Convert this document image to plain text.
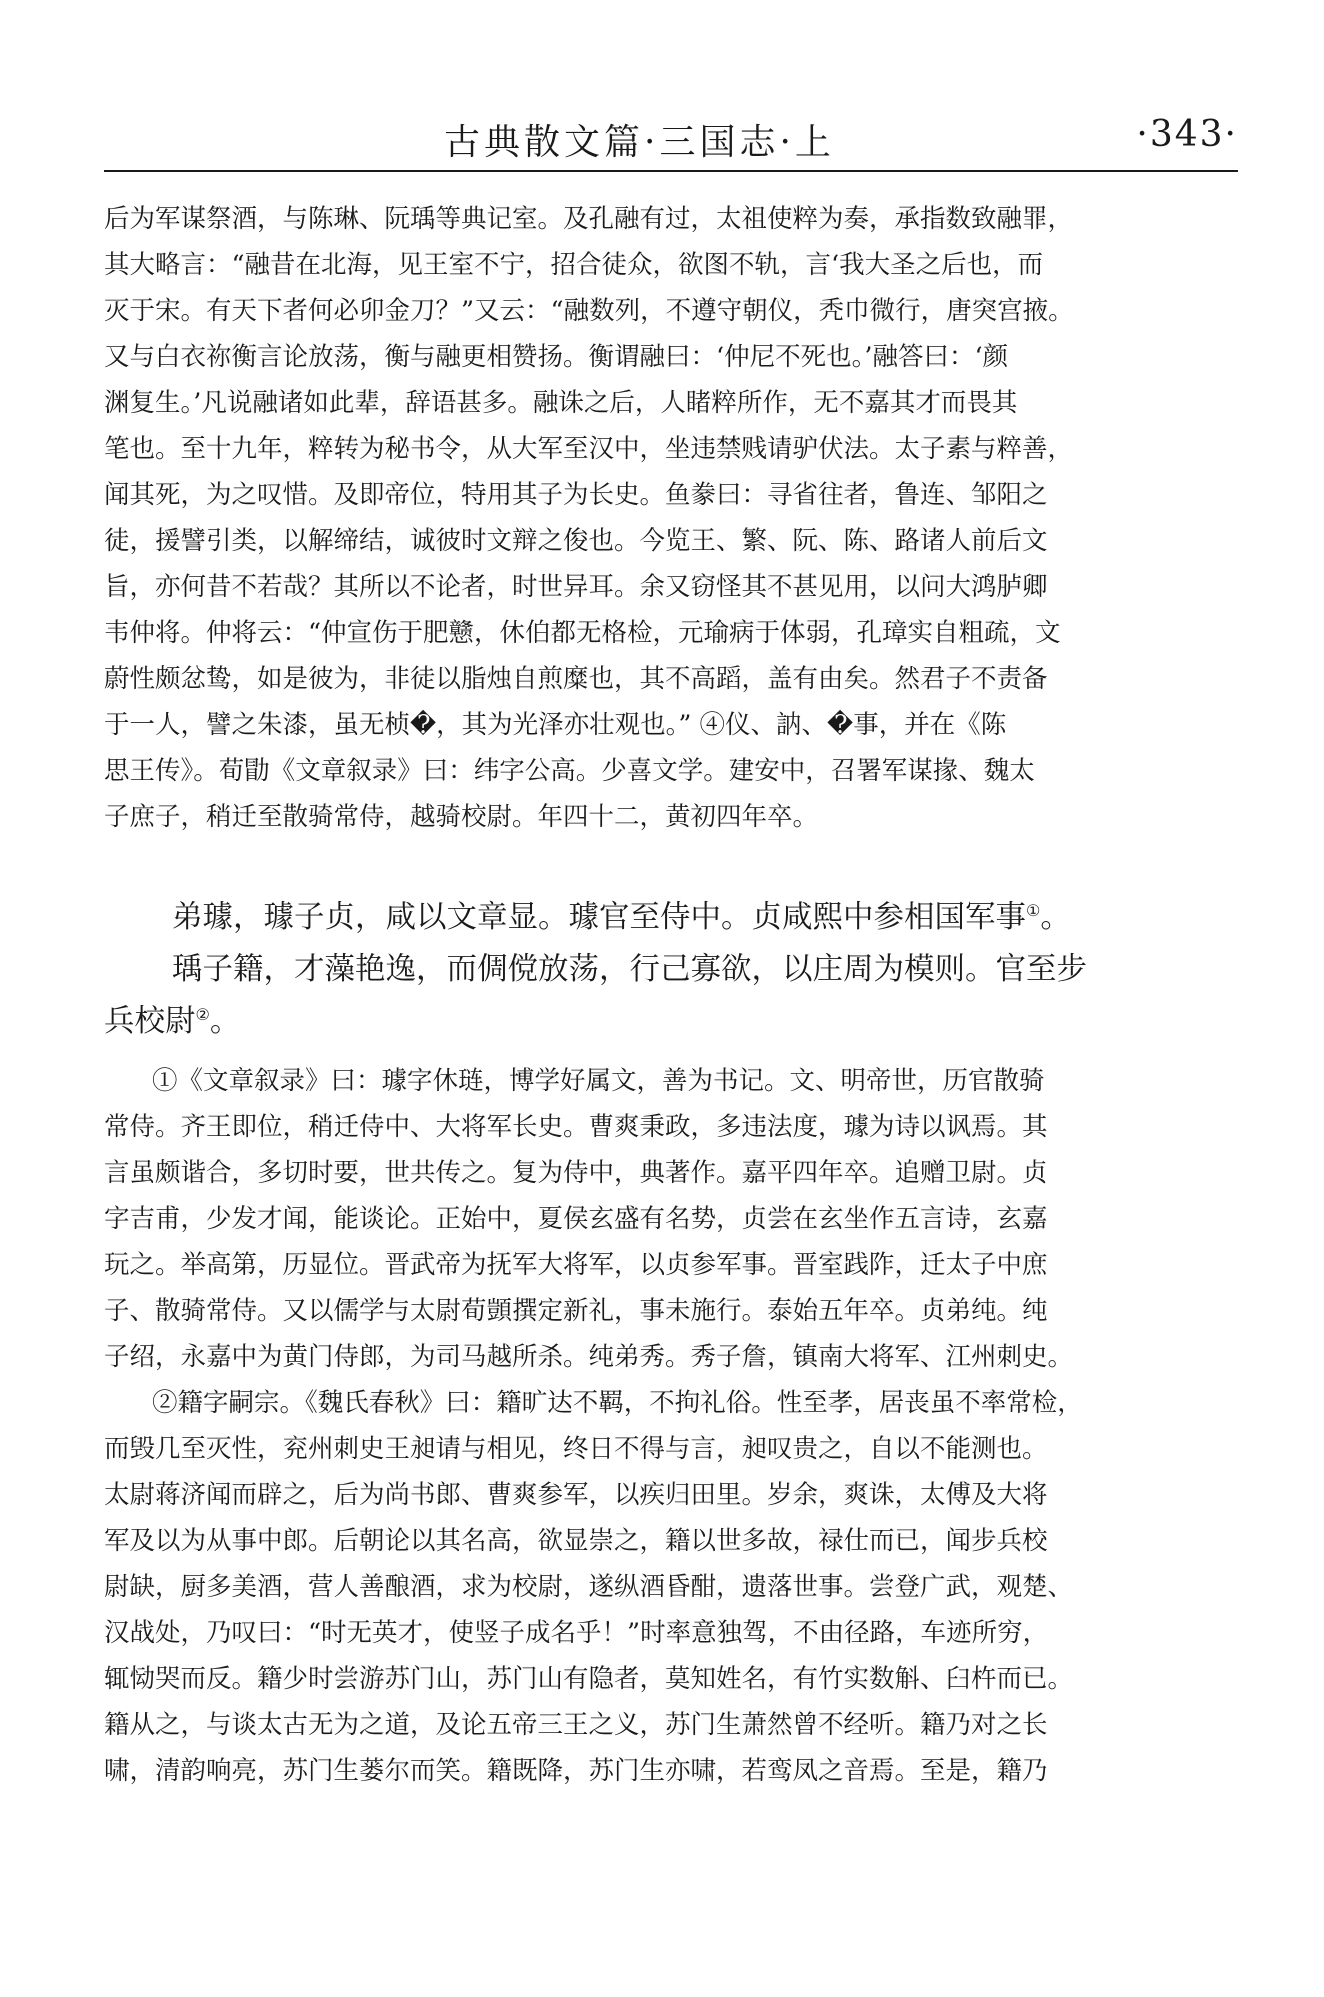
古典散文篇·三国志·上	·343·
后为军谋祭酒，与陈琳、阮瑀等典记室。及孔融有过，太祖使粹为奏，承指数致融罪，
其大略言：“融昔在北海，见王室不宁，招合徒众，欲图不轨，言‘我大圣之后也，而
灭于宋。有天下者何必卯金刀？”又云：“融数列，不遵守朝仪，秃巾微行，唐突宫掖。
又与白衣祢衡言论放荡，衡与融更相赞扬。衡谓融曰：‘仲尼不死也。’融答曰：‘颜
渊复生。’凡说融诸如此辈，辞语甚多。融诛之后，人睹粹所作，无不嘉其才而畏其
笔也。至十九年，粹转为秘书令，从大军至汉中，坐违禁贱请驴伏法。太子素与粹善，
闻其死，为之叹惜。及即帝位，特用其子为长史。鱼豢曰：寻省往者，鲁连、邹阳之
徒，援譬引类，以解缔结，诚彼时文辩之俊也。今览王、繁、阮、陈、路诸人前后文
旨，亦何昔不若哉？其所以不论者，时世异耳。余又窃怪其不甚见用，以问大鸿胪卿
韦仲将。仲将云：“仲宣伤于肥戆，休伯都无格检，元瑜病于体弱，孔璋实自粗疏，文
蔚性颇忿鸷，如是彼为，非徒以脂烛自煎糜也，其不高蹈，盖有由矣。然君子不责备
于一人，譬之朱漆，虽无桢�，其为光泽亦壮观也。” ④仪、訥、�事，并在《陈
思王传》。荀勖《文章叙录》曰：纬字公高。少喜文学。建安中，召署军谋掾、魏太
子庶子，稍迁至散骑常侍，越骑校尉。年四十二，黄初四年卒。
弟璩，璩子贞，咸以文章显。璩官至侍中。贞咸熙中参相国军事①。
瑀子籍，才藻艳逸，而倜傥放荡，行己寡欲，以庄周为模则。官至步
兵校尉②。
①《文章叙录》曰：璩字休琏，博学好属文，善为书记。文、明帝世，历官散骑
常侍。齐王即位，稍迁侍中、大将军长史。曹爽秉政，多违法度，璩为诗以讽焉。其
言虽颇谐合，多切时要，世共传之。复为侍中，典著作。嘉平四年卒。追赠卫尉。贞
字吉甫，少发才闻，能谈论。正始中，夏侯玄盛有名势，贞尝在玄坐作五言诗，玄嘉
玩之。举高第，历显位。晋武帝为抚军大将军，以贞参军事。晋室践阼，迁太子中庶
子、散骑常侍。又以儒学与太尉荀顗撰定新礼，事未施行。泰始五年卒。贞弟纯。纯
子绍，永嘉中为黄门侍郎，为司马越所杀。纯弟秀。秀子詹，镇南大将军、江州刺史。
②籍字嗣宗。《魏氏春秋》曰：籍旷达不羁，不拘礼俗。性至孝，居丧虽不率常检，
而毁几至灭性，兖州刺史王昶请与相见，终日不得与言，昶叹贵之，自以不能测也。
太尉蒋济闻而辟之，后为尚书郎、曹爽参军，以疾归田里。岁余，爽诛，太傅及大将
军及以为从事中郎。后朝论以其名高，欲显崇之，籍以世多故，禄仕而已，闻步兵校
尉缺，厨多美酒，营人善酿酒，求为校尉，遂纵酒昏酣，遗落世事。尝登广武，观楚、
汉战处，乃叹曰：“时无英才，使竖子成名乎！”时率意独驾，不由径路，车迹所穷，
辄恸哭而反。籍少时尝游苏门山，苏门山有隐者，莫知姓名，有竹实数斛、臼杵而已。
籍从之，与谈太古无为之道，及论五帝三王之义，苏门生萧然曾不经听。籍乃对之长
啸，清韵响亮，苏门生蒌尔而笑。籍既降，苏门生亦啸，若鸾凤之音焉。至是，籍乃
